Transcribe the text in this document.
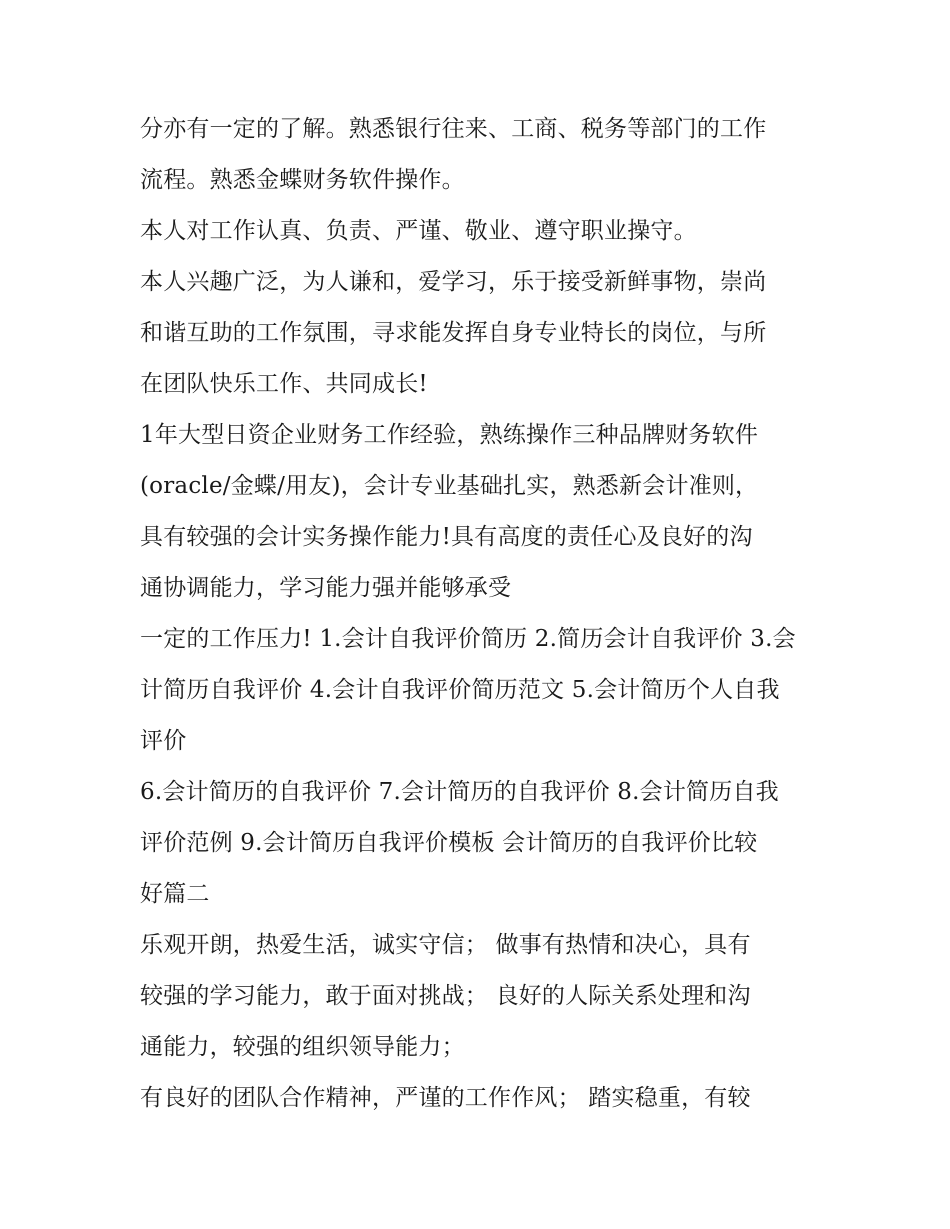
分亦有一定的了解。熟悉银行往来、工商、税务等部门的工作
流程。熟悉金蝶财务软件操作。

本人对工作认真、负责、严谨、敬业、遵守职业操守。

本人兴趣广泛，为人谦和，爱学习，乐于接受新鲜事物，崇尚
和谐互助的工作氛围，寻求能发挥自身专业特长的岗位，与所
在团队快乐工作、共同成长!

1年大型日资企业财务工作经验，熟练操作三种品牌财务软件
(oracle/金蝶/用友)，会计专业基础扎实，熟悉新会计准则，
具有较强的会计实务操作能力!具有高度的责任心及良好的沟
通协调能力，学习能力强并能够承受

一定的工作压力! 1.会计自我评价简历 2.简历会计自我评价 3.会
计简历自我评价 4.会计自我评价简历范文 5.会计简历个人自我
评价

6.会计简历的自我评价 7.会计简历的自我评价 8.会计简历自我
评价范例 9.会计简历自我评价模板 会计简历的自我评价比较
好篇二

乐观开朗，热爱生活，诚实守信； 做事有热情和决心，具有
较强的学习能力，敢于面对挑战； 良好的人际关系处理和沟
通能力，较强的组织领导能力；

有良好的团队合作精神，严谨的工作作风； 踏实稳重，有较
